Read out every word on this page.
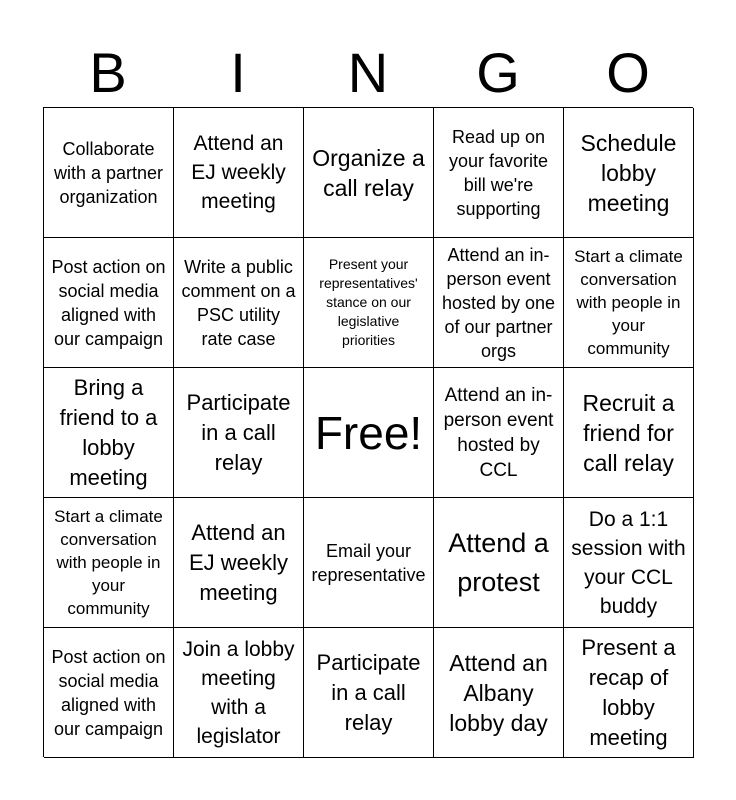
B	I	N	G	O
Collaborate with a partner organization
Attend an EJ weekly meeting
Organize a call relay
Read up on your favorite bill we're supporting
Schedule lobby meeting
Post action on social media aligned with our campaign
Write a public comment on a PSC utility rate case
Present your representatives' stance on our legislative priorities
Attend an in-person event hosted by one of our partner orgs
Start a climate conversation with people in your community
Bring a friend to a lobby meeting
Participate in a call relay
Free!
Attend an in-person event hosted by CCL
Recruit a friend for call relay
Start a climate conversation with people in your community
Attend an EJ weekly meeting
Email your representative
Attend a protest
Do a 1:1 session with your CCL buddy
Post action on social media aligned with our campaign
Join a lobby meeting with a legislator
Participate in a call relay
Attend an Albany lobby day
Present a recap of lobby meeting
